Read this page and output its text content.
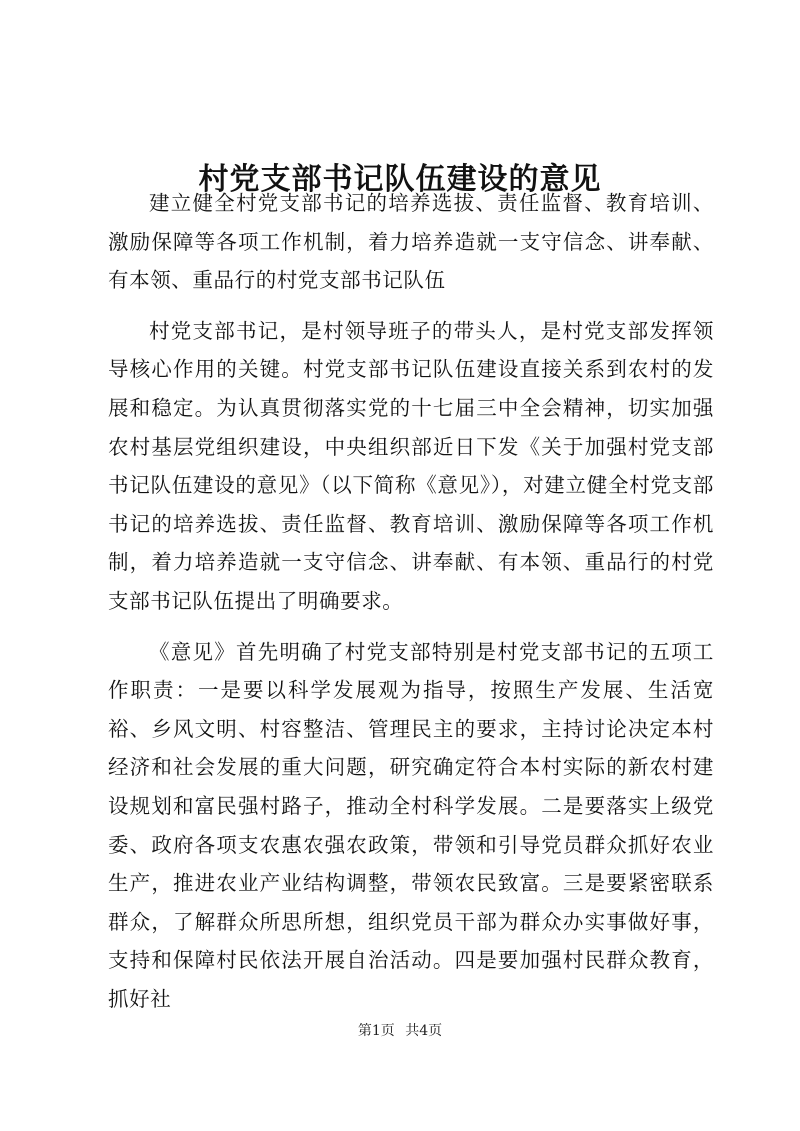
村党支部书记队伍建设的意见

建立健全村党支部书记的培养选拔、责任监督、教育培训、激励保障等各项工作机制，着力培养造就一支守信念、讲奉献、有本领、重品行的村党支部书记队伍

村党支部书记，是村领导班子的带头人，是村党支部发挥领导核心作用的关键。村党支部书记队伍建设直接关系到农村的发展和稳定。为认真贯彻落实党的十七届三中全会精神，切实加强农村基层党组织建设，中央组织部近日下发《关于加强村党支部书记队伍建设的意见》（以下简称《意见》），对建立健全村党支部书记的培养选拔、责任监督、教育培训、激励保障等各项工作机制，着力培养造就一支守信念、讲奉献、有本领、重品行的村党支部书记队伍提出了明确要求。

《意见》首先明确了村党支部特别是村党支部书记的五项工作职责：一是要以科学发展观为指导，按照生产发展、生活宽裕、乡风文明、村容整洁、管理民主的要求，主持讨论决定本村经济和社会发展的重大问题，研究确定符合本村实际的新农村建设规划和富民强村路子，推动全村科学发展。二是要落实上级党委、政府各项支农惠农强农政策，带领和引导党员群众抓好农业生产，推进农业产业结构调整，带领农民致富。三是要紧密联系群众，了解群众所思所想，组织党员干部为群众办实事做好事，支持和保障村民依法开展自治活动。四是要加强村民群众教育，抓好社

第1页 共4页
